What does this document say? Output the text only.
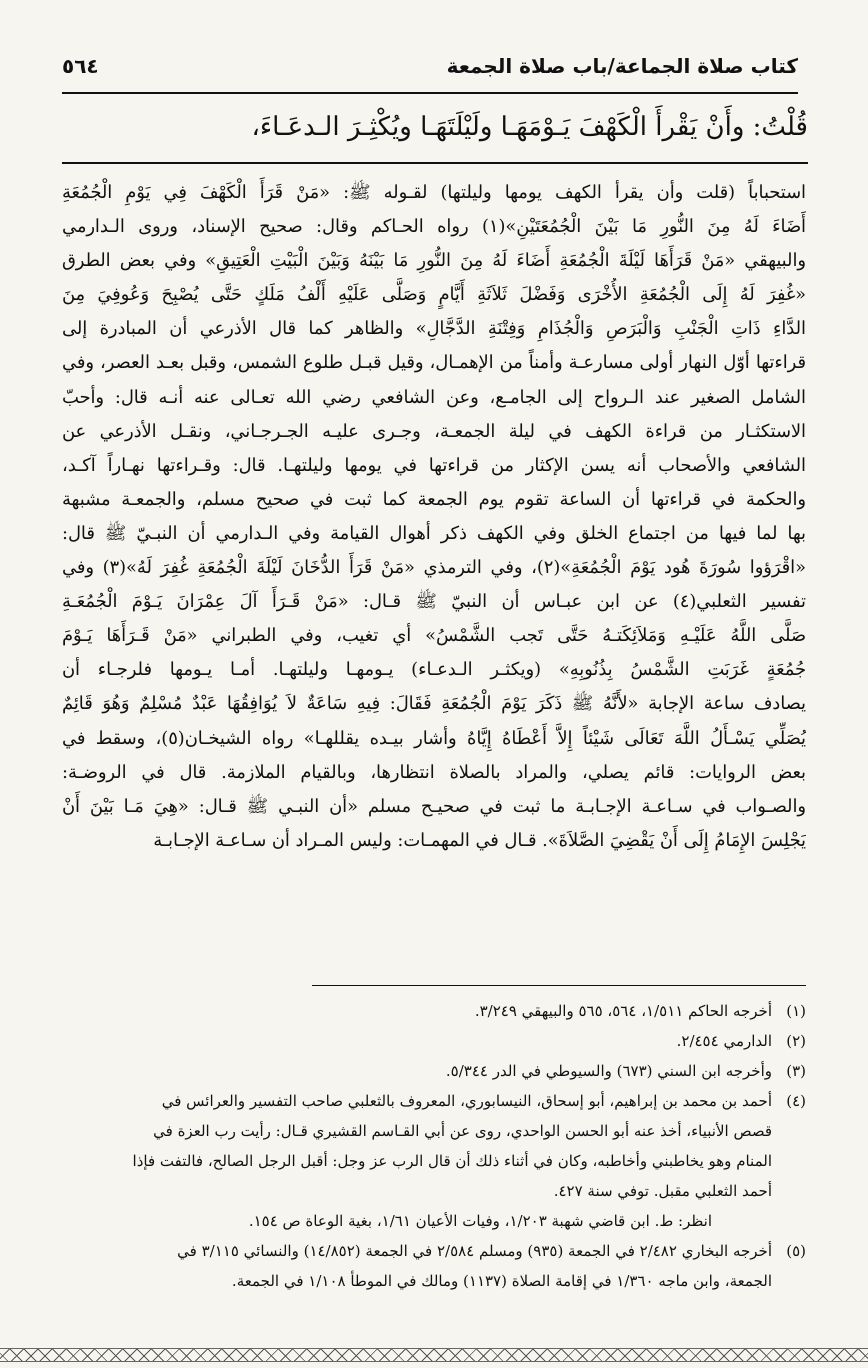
كتاب صلاة الجماعة/باب صلاة الجمعة
٥٦٤
قُلْتُ: وأَنْ يَقْرأَ الْكَهْفَ يَـوْمَهَـا ولَيْلَتَهَـا ويُكْثِـرَ الـدعَـاءَ،
استحباباً (قلت وأن يقرأ الكهف يومها وليلتها) لقـوله ﷺ: «مَنْ قَرَأَ الْكَهْفَ فِي يَوْمِ الْجُمُعَةِ
أَضَاءَ لَهُ مِنَ النُّورِ مَا بَيْنَ الْجُمُعَتَيْنِ»(١) رواه الحـاكم وقال: صحيح الإسناد، وروى الـدارمي
والبيهقي «مَنْ قَرَأَهَا لَيْلَةَ الْجُمُعَةِ أَضَاءَ لَهُ مِنَ النُّورِ مَا بَيْنَهُ وَبَيْنَ الْبَيْتِ الْعَتِيقِ» وفي بعض الطرق
«غُفِرَ لَهُ إِلَى الْجُمُعَةِ الأُخْرَى وَفَضْلَ ثَلاَثَةِ أَيَّامٍ وَصَلَّى عَلَيْهِ أَلْفُ مَلَكٍ حَتَّى يُصْبِحَ وَعُوفِيَ مِنَ
الدَّاءِ ذَاتِ الْجَنْبِ وَالْبَرَصِ وَالْجُذَامِ وَفِتْنَةِ الدَّجَّالِ» والظاهر كما قال الأذرعي أن المبادرة إلى
قراءتها أوّل النهار أولى مسارعـة وأمناً من الإهمـال، وقيل قبـل طلوع الشمس، وقبل بعـد العصر، وفي
الشامل الصغير عند الـرواح إلى الجامـع، وعن الشافعي رضي الله تعـالى عنه أنـه قال: وأحبّ
الاستكثـار من قراءة الكهف في ليلة الجمعـة، وجـرى عليـه الجـرجـاني، ونقـل الأذرعي عن
الشافعي والأصحاب أنه يسن الإكثار من قراءتها في يومها وليلتهـا. قال: وقـراءتها نهـاراً آكـد،
والحكمة في قراءتها أن الساعة تقوم يوم الجمعة كما ثبت في صحيح مسلم، والجمعـة مشبهة
بها لما فيها من اجتماع الخلق وفي الكهف ذكر أهوال القيامة وفي الـدارمي أن النبـيّ ﷺ قال:
«اقْرَؤوا سُورَةَ هُود يَوْمَ الْجُمُعَةِ»(٢)، وفي الترمذي «مَنْ قَرَأَ الدُّخَانَ لَيْلَةَ الْجُمُعَةِ غُفِرَ لَهُ»(٣) وفي
تفسير الثعلبي(٤) عن ابن عبـاس أن النبيّ ﷺ قـال: «مَنْ قَـرَأَ آلَ عِمْرَانَ يَـوْمَ الْجُمُعَـةِ
صَلَّى اللَّهُ عَلَيْـهِ وَمَلاَئِكَتـهُ حَتَّى تَجب الشَّمْسُ» أي تغيب، وفي الطبراني «مَنْ قَـرَأَهَا يَـوْمَ
جُمُعَةٍ غَرَبَتِ الشَّمْسُ بِذُنُوبِهِ» (ويكثـر الـدعـاء) يـومهـا وليلتهـا. أمـا يـومها فلرجـاء أن
يصادف ساعة الإجابة «لأَنَّهُ ﷺ ذَكَرَ يَوْمَ الْجُمُعَةِ فَقَالَ: فِيهِ سَاعَةٌ لاَ يُوَافِقُهَا عَبْدٌ مُسْلِمٌ وَهُوَ قَائِمٌ
يُصَلِّي يَسْـأَلُ اللَّهَ تَعَالَى شَيْئاً إِلاَّ أَعْطَاهُ إِيَّاهُ وأشار بيـده يقللهـا» رواه الشيخـان(٥)، وسقط في
بعض الروايات: قائم يصلي، والمراد بالصلاة انتظارها، وبالقيام الملازمة. قال في الروضـة:
والصـواب في سـاعـة الإجـابـة ما ثبت في صحيـح مسلم «أن النبـي ﷺ قـال: «هِيَ مَـا بَيْنَ أَنْ
يَجْلِسَ الإِمَامُ إِلَى أَنْ يَقْضِيَ الصَّلاَةَ». قـال في المهمـات: وليس المـراد أن سـاعـة الإجـابـة
(١)
أخرجه الحاكم ١/٥١١، ٥٦٤، ٥٦٥ والبيهقي ٣/٢٤٩.
(٢)
الدارمي ٢/٤٥٤.
(٣)
وأخرجه ابن السني (٦٧٣) والسيوطي في الدر ٥/٣٤٤.
(٤)
أحمد بن محمد بن إبراهيم، أبو إسحاق، النيسابوري، المعروف بالثعلبي صاحب التفسير والعرائس في
قصص الأنبياء، أخذ عنه أبو الحسن الواحدي، روى عن أبي القـاسم القشيري قـال: رأيت رب العزة في
المنام وهو يخاطبني وأخاطبه، وكان في أثناء ذلك أن قال الرب عز وجل: أقبل الرجل الصالح، فالتفت فإذا
أحمد الثعلبي مقبل. توفي سنة ٤٢٧.
انظر: ط. ابن قاضي شهبة ١/٢٠٣، وفيات الأعيان ١/٦١، بغية الوعاة ص ١٥٤.
(٥)
أخرجه البخاري ٢/٤٨٢ في الجمعة (٩٣٥) ومسلم ٢/٥٨٤ في الجمعة (١٤/٨٥٢) والنسائي ٣/١١٥ في
الجمعة، وابن ماجه ١/٣٦٠ في إقامة الصلاة (١١٣٧) ومالك في الموطأ ١/١٠٨ في الجمعة.
